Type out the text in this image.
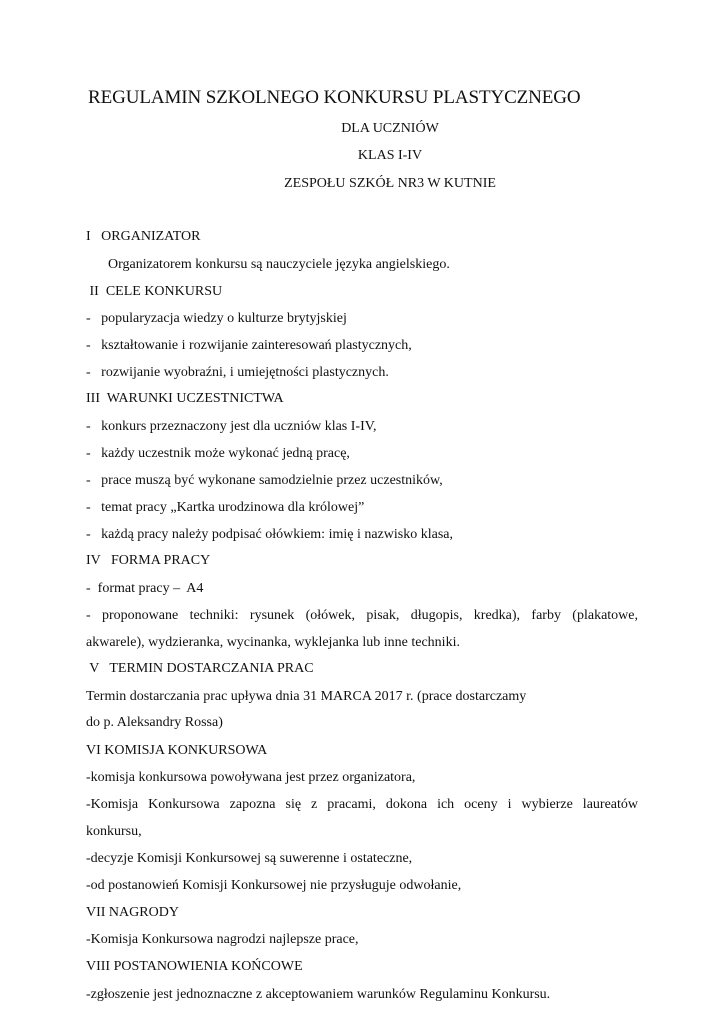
REGULAMIN SZKOLNEGO KONKURSU PLASTYCZNEGO
DLA UCZNIÓW
KLAS I-IV
ZESPOŁU SZKÓŁ NR3 W KUTNIE
I   ORGANIZATOR
Organizatorem konkursu są nauczyciele języka angielskiego.
II  CELE KONKURSU
-   popularyzacja wiedzy o kulturze brytyjskiej
-   kształtowanie i rozwijanie zainteresowań plastycznych,
-   rozwijanie wyobraźni, i umiejętności plastycznych.
III  WARUNKI UCZESTNICTWA
-   konkurs przeznaczony jest dla uczniów klas I-IV,
-   każdy uczestnik może wykonać jedną pracę,
-   prace muszą być wykonane samodzielnie przez uczestników,
-   temat pracy „Kartka urodzinowa dla królowej”
-   każdą pracy należy podpisać ołówkiem: imię i nazwisko klasa,
IV   FORMA PRACY
-  format pracy –  A4
- proponowane techniki: rysunek (ołówek, pisak, długopis, kredka), farby (plakatowe,
akwarele), wydzieranka, wycinanka, wyklejanka lub inne techniki.
V   TERMIN DOSTARCZANIA PRAC
Termin dostarczania prac upływa dnia 31 MARCA 2017 r. (prace dostarczamy
do p. Aleksandry Rossa)
VI KOMISJA KONKURSOWA
-komisja konkursowa powoływana jest przez organizatora,
-Komisja Konkursowa zapozna się z pracami, dokona ich oceny i wybierze laureatów
konkursu,
-decyzje Komisji Konkursowej są suwerenne i ostateczne,
-od postanowień Komisji Konkursowej nie przysługuje odwołanie,
VII NAGRODY
-Komisja Konkursowa nagrodzi najlepsze prace,
VIII POSTANOWIENIA KOŃCOWE
-zgłoszenie jest jednoznaczne z akceptowaniem warunków Regulaminu Konkursu.
